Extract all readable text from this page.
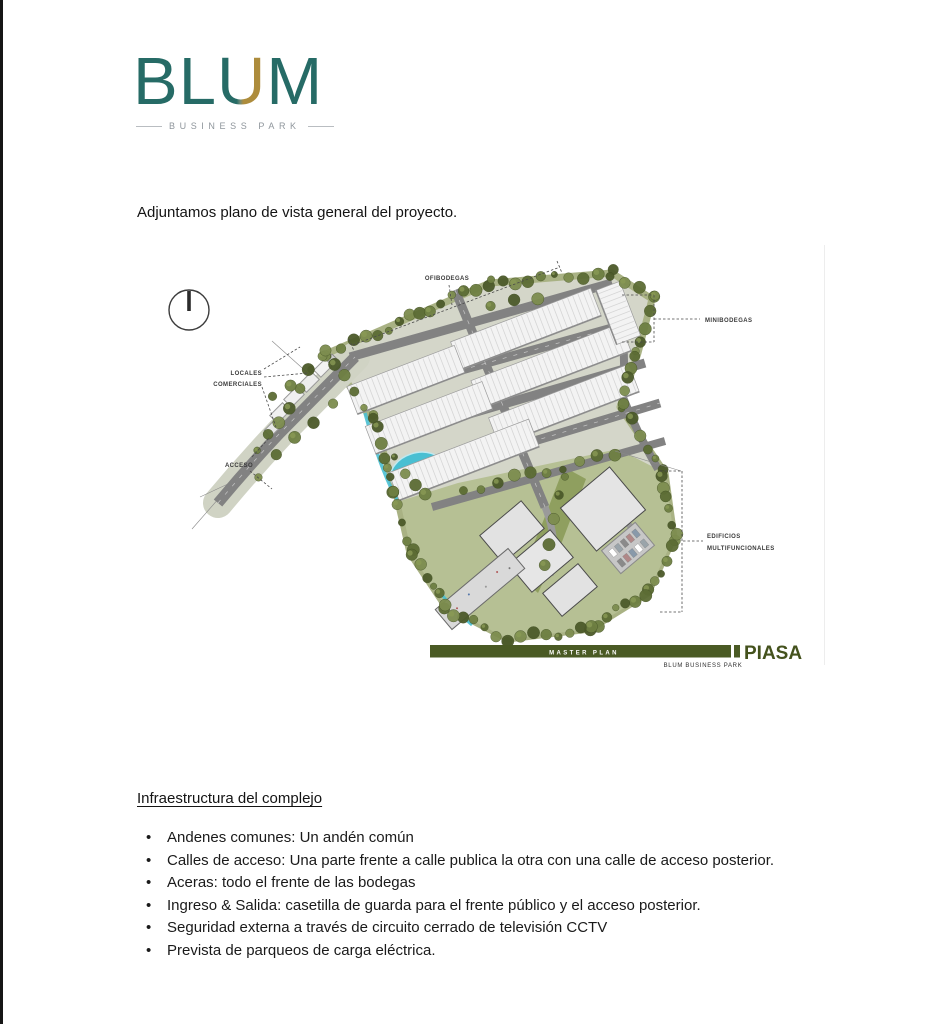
BLUM
BUSINESS PARK

Adjuntamos plano de vista general del proyecto.

OFIBODEGAS
MINIBODEGAS
LOCALES
COMERCIALES
ACCESO
EDIFICIOS
MULTIFUNCIONALES
MASTER PLAN	PIASA
BLUM BUSINESS PARK
Infraestructura del complejo
• Andenes comunes: Un andén común
• Calles de acceso: Una parte frente a calle publica la otra con una calle de acceso posterior.
• Aceras: todo el frente de las bodegas
• Ingreso & Salida: casetilla de guarda para el frente público y el acceso posterior.
• Seguridad externa a través de circuito cerrado de televisión CCTV
• Prevista de parqueos de carga eléctrica.
